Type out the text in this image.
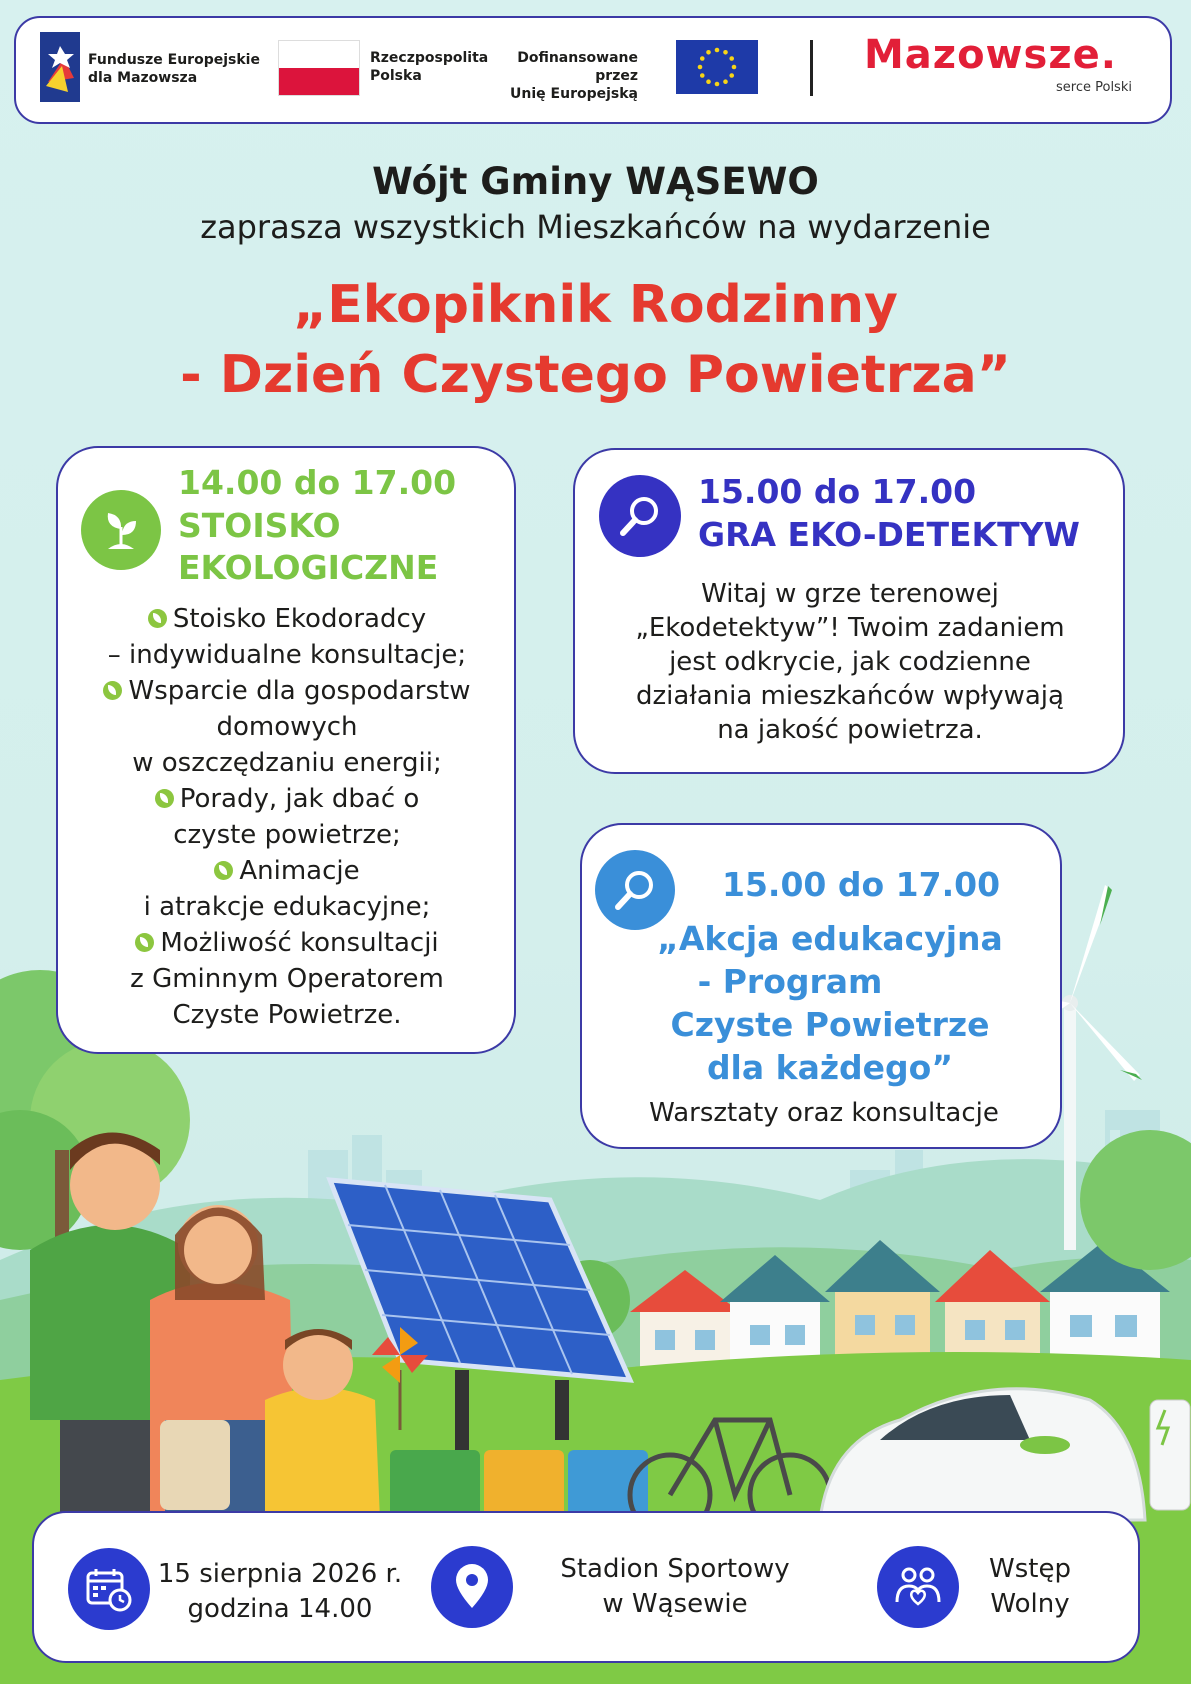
Fundusze Europejskie
dla Mazowsza
Rzeczpospolita
Polska
Dofinansowane przez
Unię Europejską
Mazowsze.
serce Polski
Wójt Gminy WĄSEWO
zaprasza wszystkich Mieszkańców na wydarzenie
„Ekopiknik Rodzinny
- Dzień Czystego Powietrza”
14.00 do 17.00
STOISKO
EKOLOGICZNE
Stoisko Ekodoradcy
– indywidualne konsultacje;
Wsparcie dla gospodarstw
domowych
w oszczędzaniu energii;
Porady, jak dbać o
czyste powietrze;
Animacje
i atrakcje edukacyjne;
Możliwość konsultacji
z Gminnym Operatorem
Czyste Powietrze.
15.00 do 17.00
GRA EKO-DETEKTYW
Witaj w grze terenowej
„Ekodetektyw”! Twoim zadaniem
jest odkrycie, jak codzienne
działania mieszkańców wpływają
na jakość powietrza.
15.00 do 17.00
„Akcja edukacyjna
- Program
Czyste Powietrze
dla każdego”
Warsztaty oraz konsultacje
15 sierpnia 2026 r.
godzina 14.00
Stadion Sportowy
w Wąsewie
Wstęp
Wolny
